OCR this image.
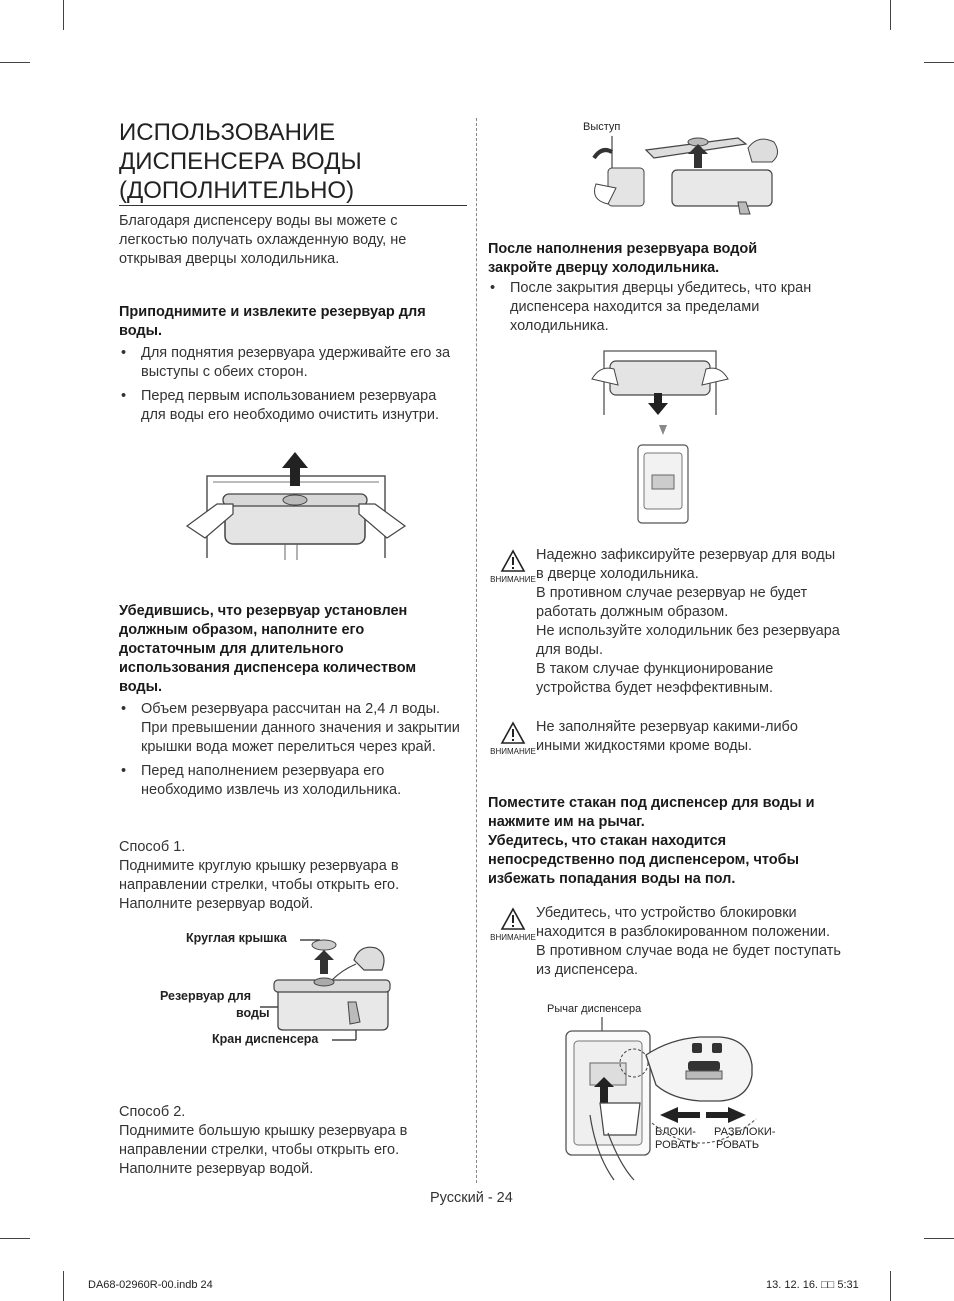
ИСПОЛЬЗОВАНИЕ ДИСПЕНСЕРА ВОДЫ (ДОПОЛНИТЕЛЬНО)
Благодаря диспенсеру воды вы можете с легкостью получать охлажденную воду, не открывая дверцы холодильника.
Приподнимите и извлеките резервуар для воды.
• Для поднятия резервуара удерживайте его за выступы с обеих сторон.
• Перед первым использованием резервуара для воды его необходимо очистить изнутри.
Убедившись, что резервуар установлен должным образом, наполните его достаточным для длительного использования диспенсера количеством воды.
• Объем резервуара рассчитан на 2,4 л воды. При превышении данного значения и закрытии крышки вода может перелиться через край.
• Перед наполнением резервуара его необходимо извлечь из холодильника.
Способ 1.
Поднимите круглую крышку резервуара в направлении стрелки, чтобы открыть его. Наполните резервуар водой.
Круглая крышка
Резервуар для
воды
Кран диспенсера
Способ 2.
Поднимите большую крышку резервуара в направлении стрелки, чтобы открыть его. Наполните резервуар водой.
Выступ
После наполнения резервуара водой закройте дверцу холодильника.
• После закрытия дверцы убедитесь, что кран диспенсера находится за пределами холодильника.
ВНИМАНИЕ
Надежно зафиксируйте резервуар для воды в дверце холодильника.
В противном случае резервуар не будет работать должным образом.
Не используйте холодильник без резервуара для воды.
В таком случае функционирование устройства будет неэффективным.
ВНИМАНИЕ
Не заполняйте резервуар какими-либо иными жидкостями кроме воды.
Поместите стакан под диспенсер для воды и нажмите им на рычаг.
Убедитесь, что стакан находится непосредственно под диспенсером, чтобы избежать попадания воды на пол.
ВНИМАНИЕ
Убедитесь, что устройство блокировки находится в разблокированном положении.
В противном случае вода не будет поступать из диспенсера.
Рычаг диспенсера
БЛОКИ-
РОВАТЬ
РАЗБЛОКИ-
РОВАТЬ
Русский - 24
DA68-02960R-00.indb 24	13. 12. 16. □□ 5:31
